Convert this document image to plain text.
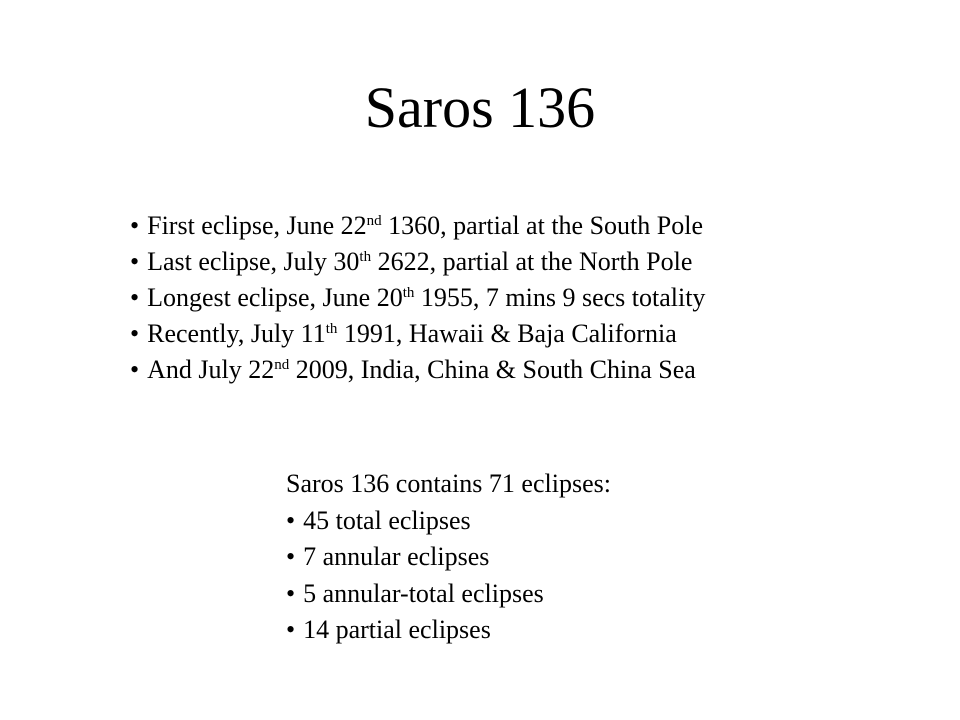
Saros 136
• First eclipse, June 22nd 1360, partial at the South Pole
• Last eclipse, July 30th 2622, partial at the North Pole
• Longest eclipse, June 20th 1955, 7 mins 9 secs totality
• Recently, July 11th 1991, Hawaii & Baja California
• And July 22nd 2009, India, China & South China Sea

Saros 136 contains 71 eclipses:

• 45 total eclipses
• 7 annular eclipses
• 5 annular-total eclipses
• 14 partial eclipses
